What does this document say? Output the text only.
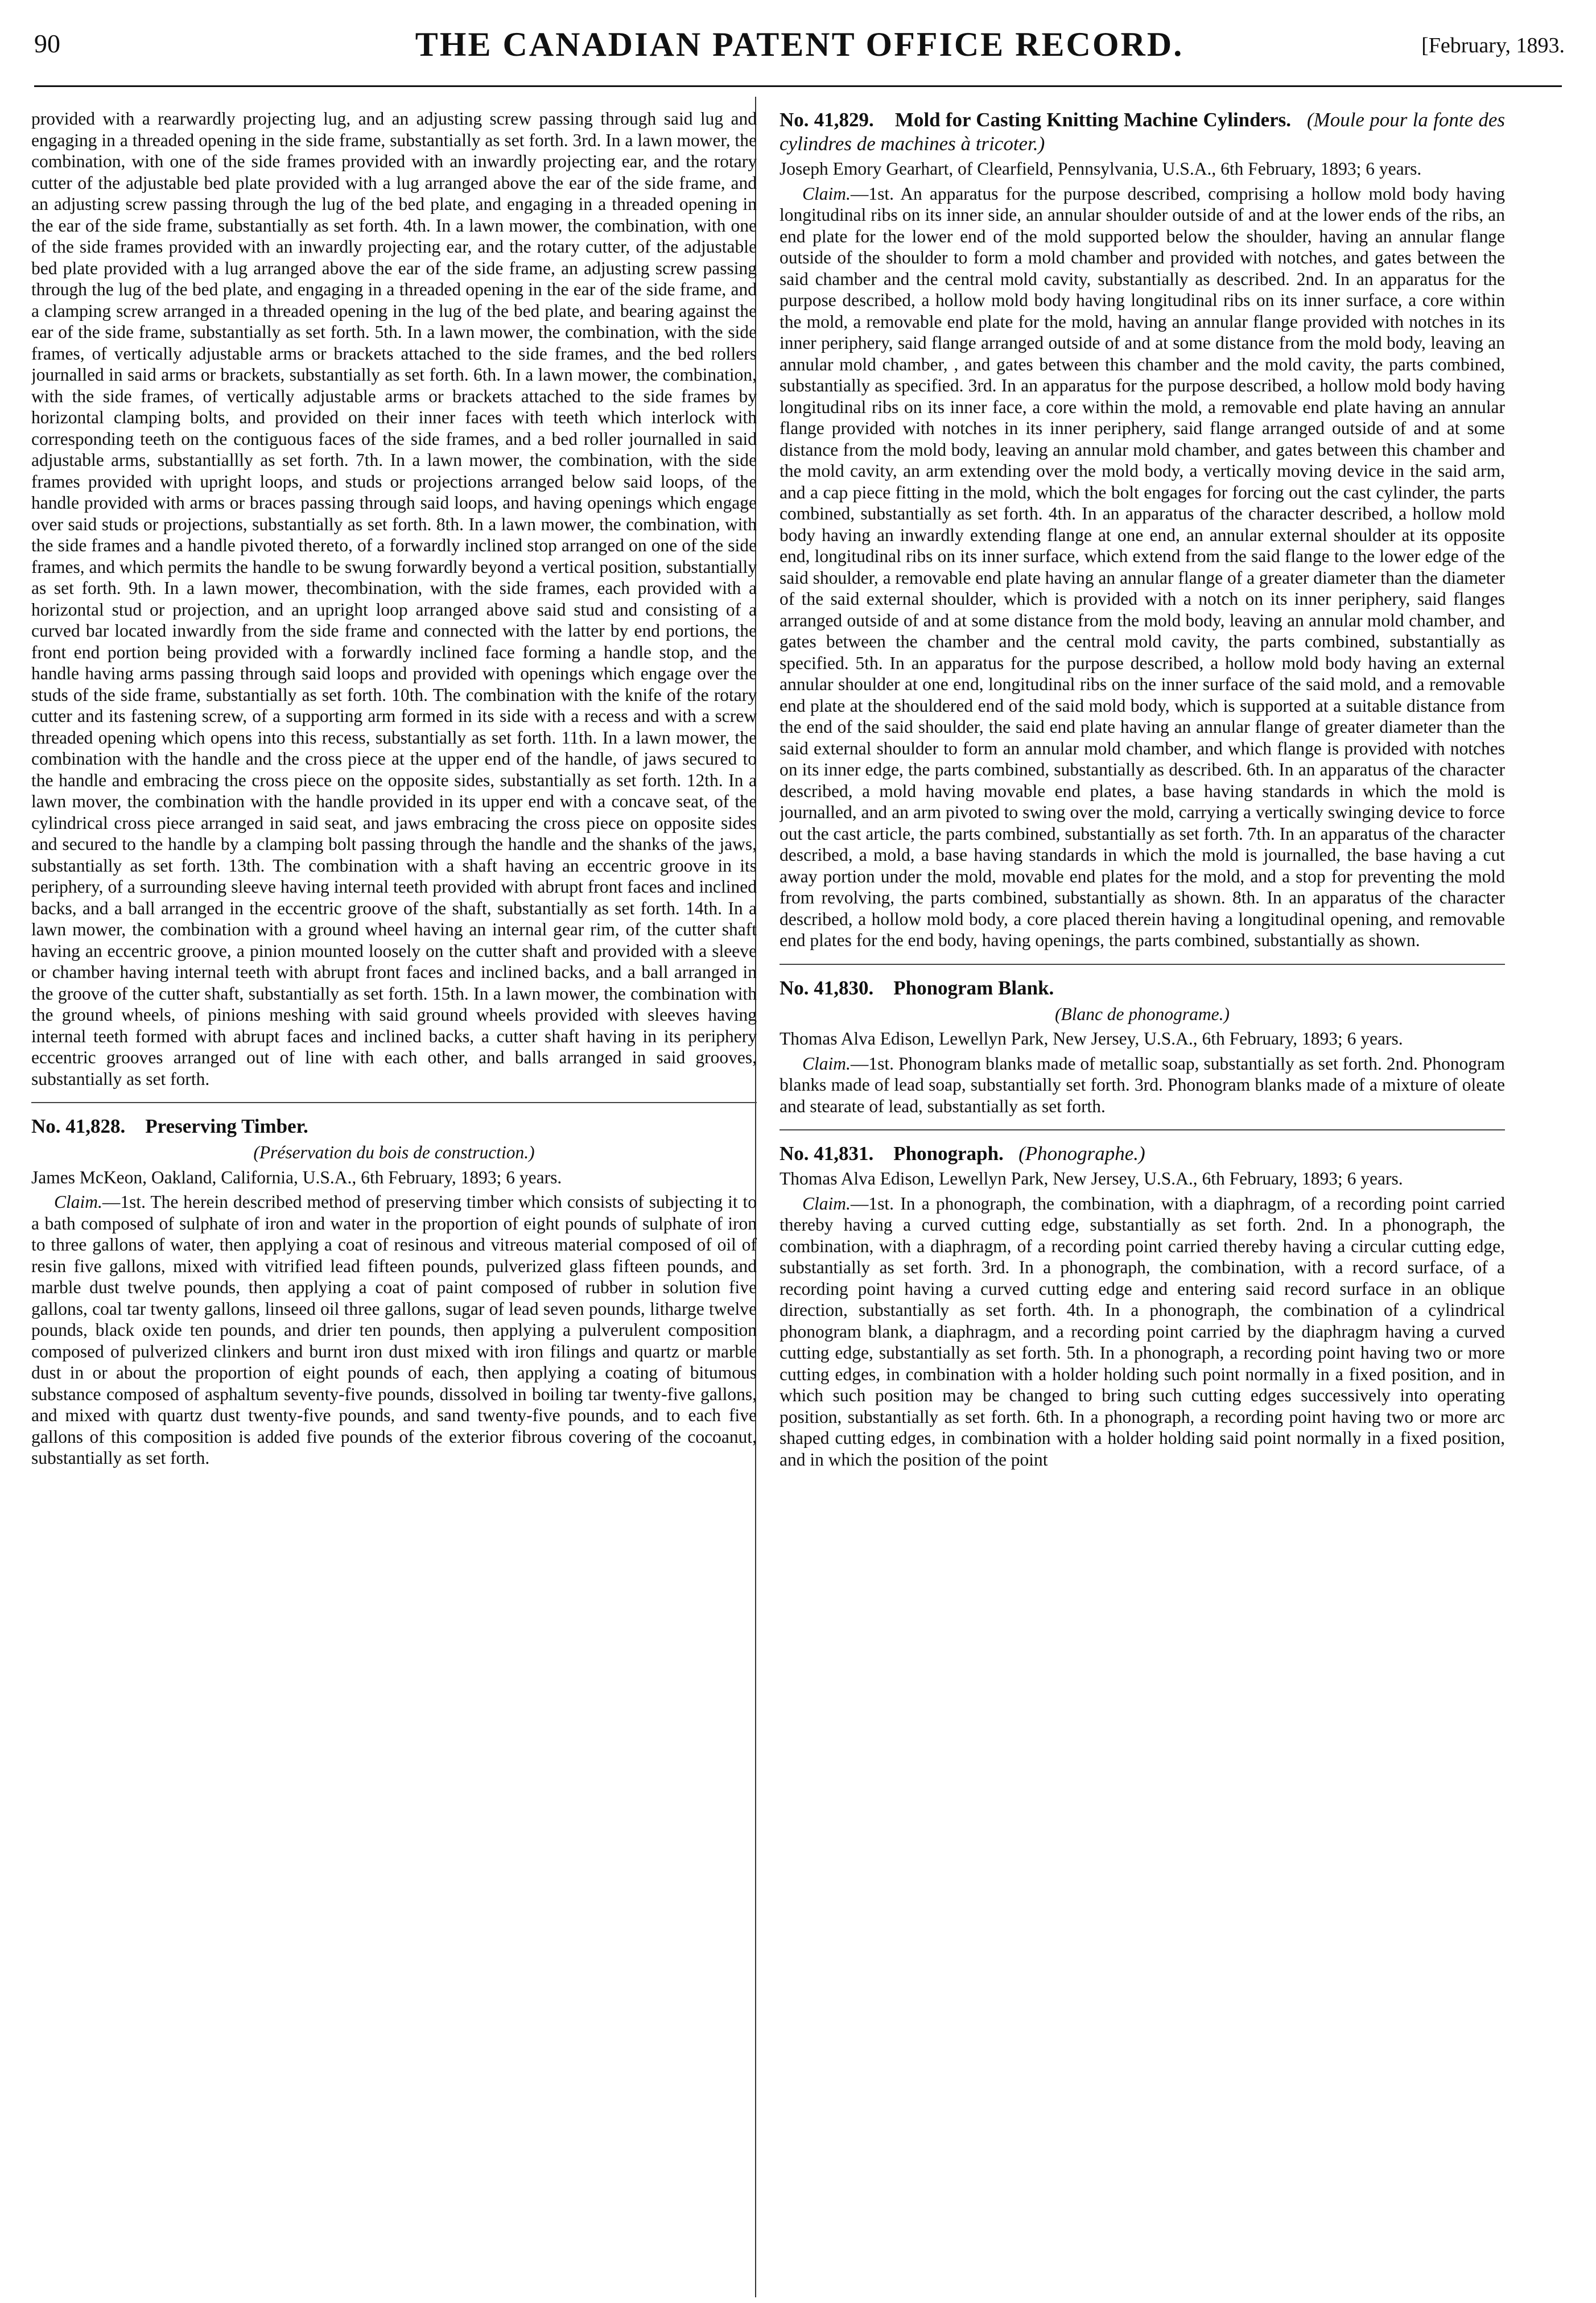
90	THE CANADIAN PATENT OFFICE RECORD.	[February, 1893.

provided with a rearwardly projecting lug, and an adjusting screw passing through said lug and engaging in a threaded opening in the side frame, substantially as set forth. 3rd. In a lawn mower, the combination, with one of the side frames provided with an inwardly projecting ear, and the rotary cutter of the adjustable bed plate provided with a lug arranged above the ear of the side frame, and an adjusting screw passing through the lug of the bed plate, and engaging in a threaded opening in the ear of the side frame, substantially as set forth. 4th. In a lawn mower, the combination, with one of the side frames provided with an inwardly projecting ear, and the rotary cutter, of the adjustable bed plate provided with a lug arranged above the ear of the side frame, an adjusting screw passing through the lug of the bed plate, and engaging in a threaded opening in the ear of the side frame, and a clamping screw arranged in a threaded opening in the lug of the bed plate, and bearing against the ear of the side frame, substantially as set forth. 5th. In a lawn mower, the combination, with the side frames, of vertically adjustable arms or brackets attached to the side frames, and the bed rollers journalled in said arms or brackets, substantially as set forth. 6th. In a lawn mower, the combination, with the side frames, of vertically adjustable arms or brackets attached to the side frames by horizontal clamping bolts, and provided on their inner faces with teeth which interlock with corresponding teeth on the contiguous faces of the side frames, and a bed roller journalled in said adjustable arms, substantiallly as set forth. 7th. In a lawn mower, the combination, with the side frames provided with upright loops, and studs or projections arranged below said loops, of the handle provided with arms or braces passing through said loops, and having openings which engage over said studs or projections, substantially as set forth. 8th. In a lawn mower, the combination, with the side frames and a handle pivoted thereto, of a forwardly inclined stop arranged on one of the side frames, and which permits the handle to be swung forwardly beyond a vertical position, substantially as set forth. 9th. In a lawn mower, thecombination, with the side frames, each provided with a horizontal stud or projection, and an upright loop arranged above said stud and consisting of a curved bar located inwardly from the side frame and connected with the latter by end portions, the front end portion being provided with a forwardly inclined face forming a handle stop, and the handle having arms passing through said loops and provided with openings which engage over the studs of the side frame, substantially as set forth. 10th. The combination with the knife of the rotary cutter and its fastening screw, of a supporting arm formed in its side with a recess and with a screw threaded opening which opens into this recess, substantially as set forth. 11th. In a lawn mower, the combination with the handle and the cross piece at the upper end of the handle, of jaws secured to the handle and embracing the cross piece on the opposite sides, substantially as set forth. 12th. In a lawn mover, the combination with the handle provided in its upper end with a concave seat, of the cylindrical cross piece arranged in said seat, and jaws embracing the cross piece on opposite sides and secured to the handle by a clamping bolt passing through the handle and the shanks of the jaws, substantially as set forth. 13th. The combination with a shaft having an eccentric groove in its periphery, of a surrounding sleeve having internal teeth provided with abrupt front faces and inclined backs, and a ball arranged in the eccentric groove of the shaft, substantially as set forth. 14th. In a lawn mower, the combination with a ground wheel having an internal gear rim, of the cutter shaft having an eccentric groove, a pinion mounted loosely on the cutter shaft and provided with a sleeve or chamber having internal teeth with abrupt front faces and inclined backs, and a ball arranged in the groove of the cutter shaft, substantially as set forth. 15th. In a lawn mower, the combination with the ground wheels, of pinions meshing with said ground wheels provided with sleeves having internal teeth formed with abrupt faces and inclined backs, a cutter shaft having in its periphery eccentric grooves arranged out of line with each other, and balls arranged in said grooves, substantially as set forth.

No. 41,828. Preserving Timber.

(Préservation du bois de construction.)

James McKeon, Oakland, California, U.S.A., 6th February, 1893; 6 years.

Claim.—1st. The herein described method of preserving timber which consists of subjecting it to a bath composed of sulphate of iron and water in the proportion of eight pounds of sulphate of iron to three gallons of water, then applying a coat of resinous and vitreous material composed of oil of resin five gallons, mixed with vitrified lead fifteen pounds, pulverized glass fifteen pounds, and marble dust twelve pounds, then applying a coat of paint composed of rubber in solution five gallons, coal tar twenty gallons, linseed oil three gallons, sugar of lead seven pounds, litharge twelve pounds, black oxide ten pounds, and drier ten pounds, then applying a pulverulent composition composed of pulverized clinkers and burnt iron dust mixed with iron filings and quartz or marble dust in or about the proportion of eight pounds of each, then applying a coating of bitumous substance composed of asphaltum seventy-five pounds, dissolved in boiling tar twenty-five gallons, and mixed with quartz dust twenty-five pounds, and sand twenty-five pounds, and to each five gallons of this composition is added five pounds of the exterior fibrous covering of the cocoanut, substantially as set forth.

No. 41,829. Mold for Casting Knitting Machine Cylinders. (Moule pour la fonte des cylindres de machines à tricoter.)

Joseph Emory Gearhart, of Clearfield, Pennsylvania, U.S.A., 6th February, 1893; 6 years.

Claim.—1st. An apparatus for the purpose described, comprising a hollow mold body having longitudinal ribs on its inner side, an annular shoulder outside of and at the lower ends of the ribs, an end plate for the lower end of the mold supported below the shoulder, having an annular flange outside of the shoulder to form a mold chamber and provided with notches, and gates between the said chamber and the central mold cavity, substantially as described. 2nd. In an apparatus for the purpose described, a hollow mold body having longitudinal ribs on its inner surface, a core within the mold, a removable end plate for the mold, having an annular flange provided with notches in its inner periphery, said flange arranged outside of and at some distance from the mold body, leaving an annular mold chamber, , and gates between this chamber and the mold cavity, the parts combined, substantially as specified. 3rd. In an apparatus for the purpose described, a hollow mold body having longitudinal ribs on its inner face, a core within the mold, a removable end plate having an annular flange provided with notches in its inner periphery, said flange arranged outside of and at some distance from the mold body, leaving an annular mold chamber, and gates between this chamber and the mold cavity, an arm extending over the mold body, a vertically moving device in the said arm, and a cap piece fitting in the mold, which the bolt engages for forcing out the cast cylinder, the parts combined, substantially as set forth. 4th. In an apparatus of the character described, a hollow mold body having an inwardly extending flange at one end, an annular external shoulder at its opposite end, longitudinal ribs on its inner surface, which extend from the said flange to the lower edge of the said shoulder, a removable end plate having an annular flange of a greater diameter than the diameter of the said external shoulder, which is provided with a notch on its inner periphery, said flanges arranged outside of and at some distance from the mold body, leaving an annular mold chamber, and gates between the chamber and the central mold cavity, the parts combined, substantially as specified. 5th. In an apparatus for the purpose described, a hollow mold body having an external annular shoulder at one end, longitudinal ribs on the inner surface of the said mold, and a removable end plate at the shouldered end of the said mold body, which is supported at a suitable distance from the end of the said shoulder, the said end plate having an annular flange of greater diameter than the said external shoulder to form an annular mold chamber, and which flange is provided with notches on its inner edge, the parts combined, substantially as described. 6th. In an apparatus of the character described, a mold having movable end plates, a base having standards in which the mold is journalled, and an arm pivoted to swing over the mold, carrying a vertically swinging device to force out the cast article, the parts combined, substantially as set forth. 7th. In an apparatus of the character described, a mold, a base having standards in which the mold is journalled, the base having a cut away portion under the mold, movable end plates for the mold, and a stop for preventing the mold from revolving, the parts combined, substantially as shown. 8th. In an apparatus of the character described, a hollow mold body, a core placed therein having a longitudinal opening, and removable end plates for the end body, having openings, the parts combined, substantially as shown.

No. 41,830. Phonogram Blank.

(Blanc de phonograme.)

Thomas Alva Edison, Lewellyn Park, New Jersey, U.S.A., 6th February, 1893; 6 years.

Claim.—1st. Phonogram blanks made of metallic soap, substantially as set forth. 2nd. Phonogram blanks made of lead soap, substantially set forth. 3rd. Phonogram blanks made of a mixture of oleate and stearate of lead, substantially as set forth.

No. 41,831. Phonograph. (Phonographe.)

Thomas Alva Edison, Lewellyn Park, New Jersey, U.S.A., 6th February, 1893; 6 years.

Claim.—1st. In a phonograph, the combination, with a diaphragm, of a recording point carried thereby having a curved cutting edge, substantially as set forth. 2nd. In a phonograph, the combination, with a diaphragm, of a recording point carried thereby having a circular cutting edge, substantially as set forth. 3rd. In a phonograph, the combination, with a record surface, of a recording point having a curved cutting edge and entering said record surface in an oblique direction, substantially as set forth. 4th. In a phonograph, the combination of a cylindrical phonogram blank, a diaphragm, and a recording point carried by the diaphragm having a curved cutting edge, substantially as set forth. 5th. In a phonograph, a recording point having two or more cutting edges, in combination with a holder holding such point normally in a fixed position, and in which such position may be changed to bring such cutting edges successively into operating position, substantially as set forth. 6th. In a phonograph, a recording point having two or more arc shaped cutting edges, in combination with a holder holding said point normally in a fixed position, and in which the position of the point
